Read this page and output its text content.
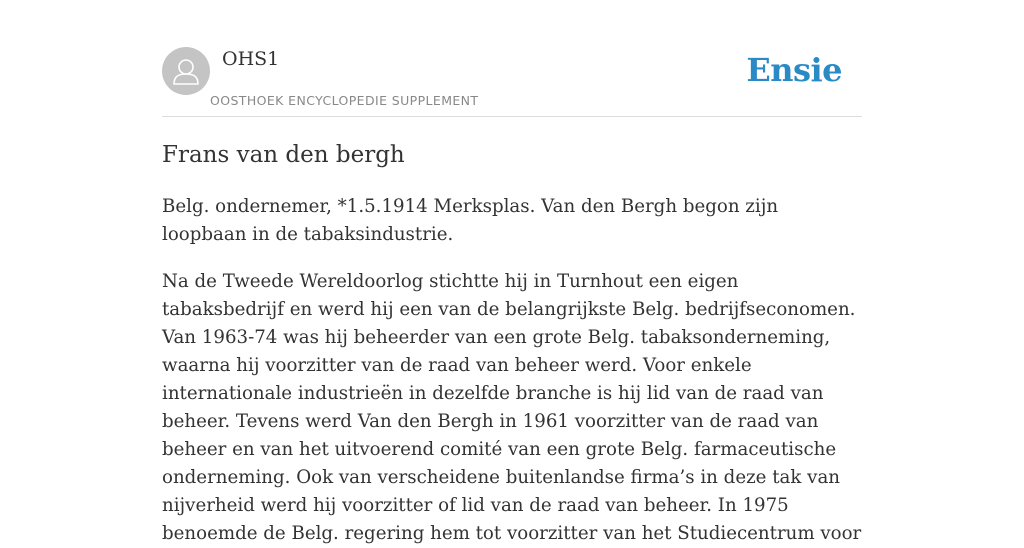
OHS1
OOSTHOEK ENCYCLOPEDIE SUPPLEMENT
Ensie
Frans van den bergh

Belg. ondernemer, *1.5.1914 Merksplas. Van den Bergh begon zijn loopbaan in de tabaksindustrie.

Na de Tweede Wereldoorlog stichtte hij in Turnhout een eigen tabaksbedrijf en werd hij een van de belangrijkste Belg. bedrijfseconomen. Van 1963-74 was hij beheerder van een grote Belg. tabaksonderneming, waarna hij voorzitter van de raad van beheer werd. Voor enkele internationale industrieën in dezelfde branche is hij lid van de raad van beheer. Tevens werd Van den Bergh in 1961 voorzitter van de raad van beheer en van het uitvoerend comité van een grote Belg. farmaceutische onderneming. Ook van verscheidene buitenlandse firma’s in deze tak van nijverheid werd hij voorzitter of lid van de raad van beheer. In 1975 benoemde de Belg. regering hem tot voorzitter van het Studiecentrum voor
